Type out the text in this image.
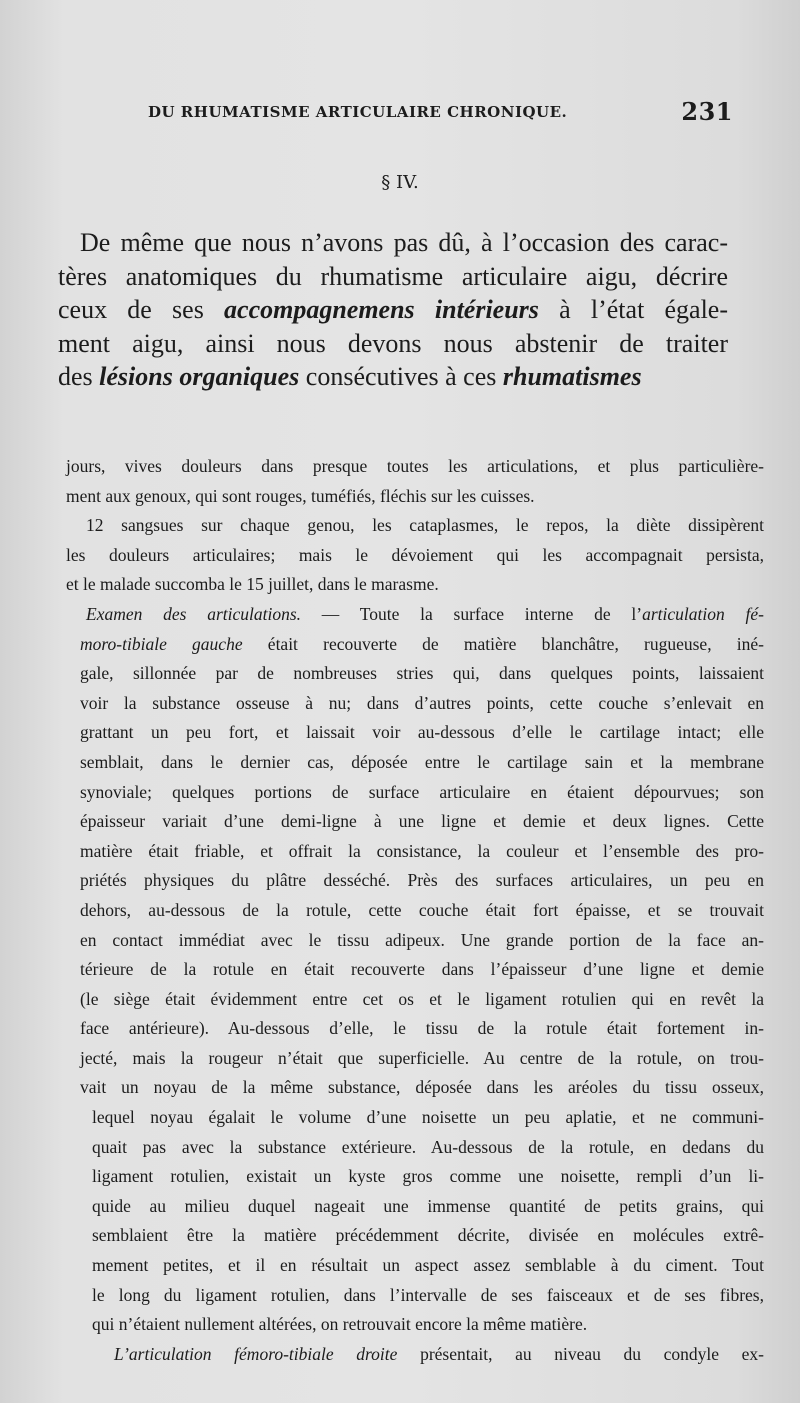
DU RHUMATISME ARTICULAIRE CHRONIQUE.	231
§ IV.
De même que nous n’avons pas dû, à l’occasion des carac-
tères anatomiques du rhumatisme articulaire aigu, décrire
ceux de ses accompagnemens intérieurs à l’état égale-
ment aigu, ainsi nous devons nous abstenir de traiter
des lésions organiques consécutives à ces rhumatismes
jours, vives douleurs dans presque toutes les articulations, et plus particulière-
ment aux genoux, qui sont rouges, tuméfiés, fléchis sur les cuisses.
12 sangsues sur chaque genou, les cataplasmes, le repos, la diète dissipèrent
les douleurs articulaires; mais le dévoiement qui les accompagnait persista,
et le malade succomba le 15 juillet, dans le marasme.
Examen des articulations. — Toute la surface interne de l’articulation fé-
moro-tibiale gauche était recouverte de matière blanchâtre, rugueuse, iné-
gale, sillonnée par de nombreuses stries qui, dans quelques points, laissaient
voir la substance osseuse à nu; dans d’autres points, cette couche s’enlevait en
grattant un peu fort, et laissait voir au-dessous d’elle le cartilage intact; elle
semblait, dans le dernier cas, déposée entre le cartilage sain et la membrane
synoviale; quelques portions de surface articulaire en étaient dépourvues; son
épaisseur variait d’une demi-ligne à une ligne et demie et deux lignes. Cette
matière était friable, et offrait la consistance, la couleur et l’ensemble des pro-
priétés physiques du plâtre desséché. Près des surfaces articulaires, un peu en
dehors, au-dessous de la rotule, cette couche était fort épaisse, et se trouvait
en contact immédiat avec le tissu adipeux. Une grande portion de la face an-
térieure de la rotule en était recouverte dans l’épaisseur d’une ligne et demie
(le siège était évidemment entre cet os et le ligament rotulien qui en revêt la
face antérieure). Au-dessous d’elle, le tissu de la rotule était fortement in-
jecté, mais la rougeur n’était que superficielle. Au centre de la rotule, on trou-
vait un noyau de la même substance, déposée dans les aréoles du tissu osseux,
lequel noyau égalait le volume d’une noisette un peu aplatie, et ne communi-
quait pas avec la substance extérieure. Au-dessous de la rotule, en dedans du
ligament rotulien, existait un kyste gros comme une noisette, rempli d’un li-
quide au milieu duquel nageait une immense quantité de petits grains, qui
semblaient être la matière précédemment décrite, divisée en molécules extrê-
mement petites, et il en résultait un aspect assez semblable à du ciment. Tout
le long du ligament rotulien, dans l’intervalle de ses faisceaux et de ses fibres,
qui n’étaient nullement altérées, on retrouvait encore la même matière.
L’articulation fémoro-tibiale droite présentait, au niveau du condyle ex-
